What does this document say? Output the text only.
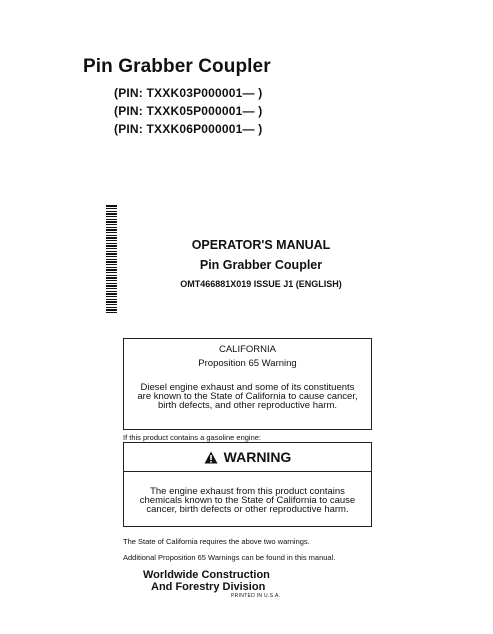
Pin Grabber Coupler
(PIN: TXXK03P000001— )
(PIN: TXXK05P000001— )
(PIN: TXXK06P000001— )
OPERATOR'S MANUAL
Pin Grabber Coupler
OMT466881X019 ISSUE J1 (ENGLISH)
CALIFORNIA
Proposition 65 Warning
Diesel engine exhaust and some of its constituents
are known to the State of California to cause cancer,
birth defects, and other reproductive harm.
If this product contains a gasoline engine:
WARNING
The engine exhaust from this product contains
chemicals known to the State of California to cause
cancer, birth defects or other reproductive harm.
The State of California requires the above two warnings.
Additional Proposition 65 Warnings can be found in this manual.
Worldwide Construction
And Forestry Division
PRINTED IN U.S.A.
